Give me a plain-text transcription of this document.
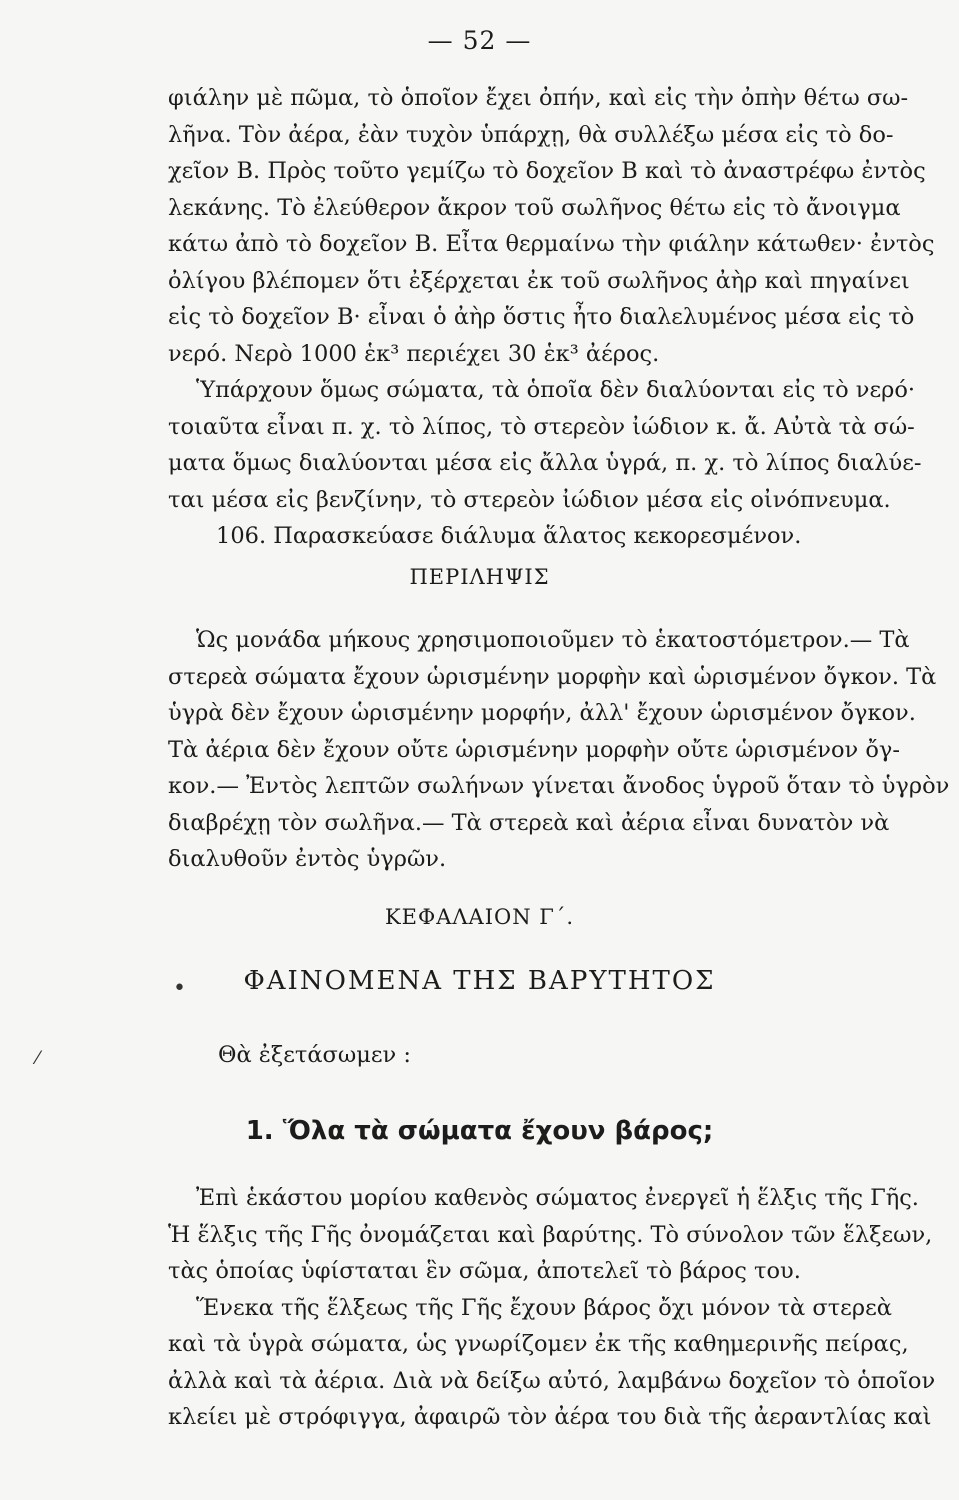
— 52 —
φιάλην μὲ πῶμα, τὸ ὁποῖον ἔχει ὀπήν, καὶ εἰς τὴν ὀπὴν θέτω σω-
λῆνα. Τὸν ἀέρα, ἐὰν τυχὸν ὑπάρχῃ, θὰ συλλέξω μέσα εἰς τὸ δο-
χεῖον Β. Πρὸς τοῦτο γεμίζω τὸ δοχεῖον Β καὶ τὸ ἀναστρέφω ἐντὸς
λεκάνης. Τὸ ἐλεύθερον ἄκρον τοῦ σωλῆνος θέτω εἰς τὸ ἄνοιγμα
κάτω ἀπὸ τὸ δοχεῖον Β. Εἶτα θερμαίνω τὴν φιάλην κάτωθεν· ἐντὸς
ὀλίγου βλέπομεν ὅτι ἐξέρχεται ἐκ τοῦ σωλῆνος ἀὴρ καὶ πηγαίνει
εἰς τὸ δοχεῖον Β· εἶναι ὁ ἀὴρ ὅστις ἦτο διαλελυμένος μέσα εἰς τὸ
νερό. Νερὸ 1000 ἑκ³ περιέχει 30 ἑκ³ ἀέρος.
Ὑπάρχουν ὅμως σώματα, τὰ ὁποῖα δὲν διαλύονται εἰς τὸ νερό·
τοιαῦτα εἶναι π. χ. τὸ λίπος, τὸ στερεὸν ἰώδιον κ. ἄ. Αὐτὰ τὰ σώ-
ματα ὅμως διαλύονται μέσα εἰς ἄλλα ὑγρά, π. χ. τὸ λίπος διαλύε-
ται μέσα εἰς βενζίνην, τὸ στερεὸν ἰώδιον μέσα εἰς οἰνόπνευμα.
106. Παρασκεύασε διάλυμα ἅλατος κεκορεσμένον.
ΠΕΡΙΛΗΨΙΣ
Ὡς μονάδα μήκους χρησιμοποιοῦμεν τὸ ἑκατοστόμετρον.— Τὰ
στερεὰ σώματα ἔχουν ὡρισμένην μορφὴν καὶ ὡρισμένον ὄγκον. Τὰ
ὑγρὰ δὲν ἔχουν ὡρισμένην μορφήν, ἀλλ' ἔχουν ὡρισμένον ὄγκον.
Τὰ ἀέρια δὲν ἔχουν οὔτε ὡρισμένην μορφὴν οὔτε ὡρισμένον ὄγ-
κον.— Ἐντὸς λεπτῶν σωλήνων γίνεται ἄνοδος ὑγροῦ ὅταν τὸ ὑγρὸν
διαβρέχῃ τὸν σωλῆνα.— Τὰ στερεὰ καὶ ἀέρια εἶναι δυνατὸν νὰ
διαλυθοῦν ἐντὸς ὑγρῶν.
ΚΕΦΑΛΑΙΟΝ Γ΄.
ΦΑΙΝΟΜΕΝΑ ΤΗΣ ΒΑΡΥΤΗΤΟΣ
•
⁄	Θὰ ἐξετάσωμεν :
1. Ὅλα τὰ σώματα ἔχουν βάρος;
Ἐπὶ ἑκάστου μορίου καθενὸς σώματος ἐνεργεῖ ἡ ἕλξις τῆς Γῆς.
Ἡ ἕλξις τῆς Γῆς ὀνομάζεται καὶ βαρύτης. Τὸ σύνολον τῶν ἕλξεων,
τὰς ὁποίας ὑφίσταται ἓν σῶμα, ἀποτελεῖ τὸ βάρος του.
Ἕνεκα τῆς ἕλξεως τῆς Γῆς ἔχουν βάρος ὄχι μόνον τὰ στερεὰ
καὶ τὰ ὑγρὰ σώματα, ὡς γνωρίζομεν ἐκ τῆς καθημερινῆς πείρας,
ἀλλὰ καὶ τὰ ἀέρια. Διὰ νὰ δείξω αὐτό, λαμβάνω δοχεῖον τὸ ὁποῖον
κλείει μὲ στρόφιγγα, ἀφαιρῶ τὸν ἀέρα του διὰ τῆς ἀεραντλίας καὶ
